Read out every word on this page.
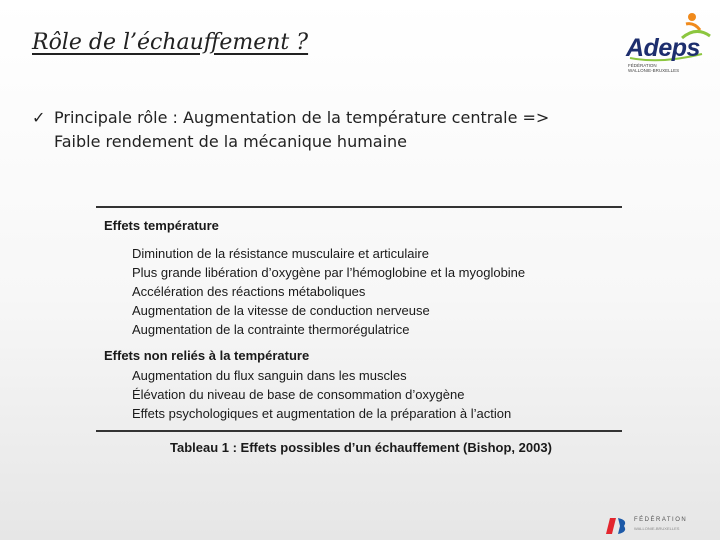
Rôle de l’échauffement ?	Adeps
FÉDÉRATION
WALLONIE-BRUXELLES
✓ Principale rôle : Augmentation de la température centrale =>
Faible rendement de la mécanique humaine
Effets température
Diminution de la résistance musculaire et articulaire
Plus grande libération d’oxygène par l’hémoglobine et la myoglobine
Accélération des réactions métaboliques
Augmentation de la vitesse de conduction nerveuse
Augmentation de la contrainte thermorégulatrice
Effets non reliés à la température
Augmentation du flux sanguin dans les muscles
Élévation du niveau de base de consommation d’oxygène
Effets psychologiques et augmentation de la préparation à l’action
Tableau 1 : Effets possibles d’un échauffement (Bishop, 2003)
FÉDÉRATION
WALLONIE-BRUXELLES
